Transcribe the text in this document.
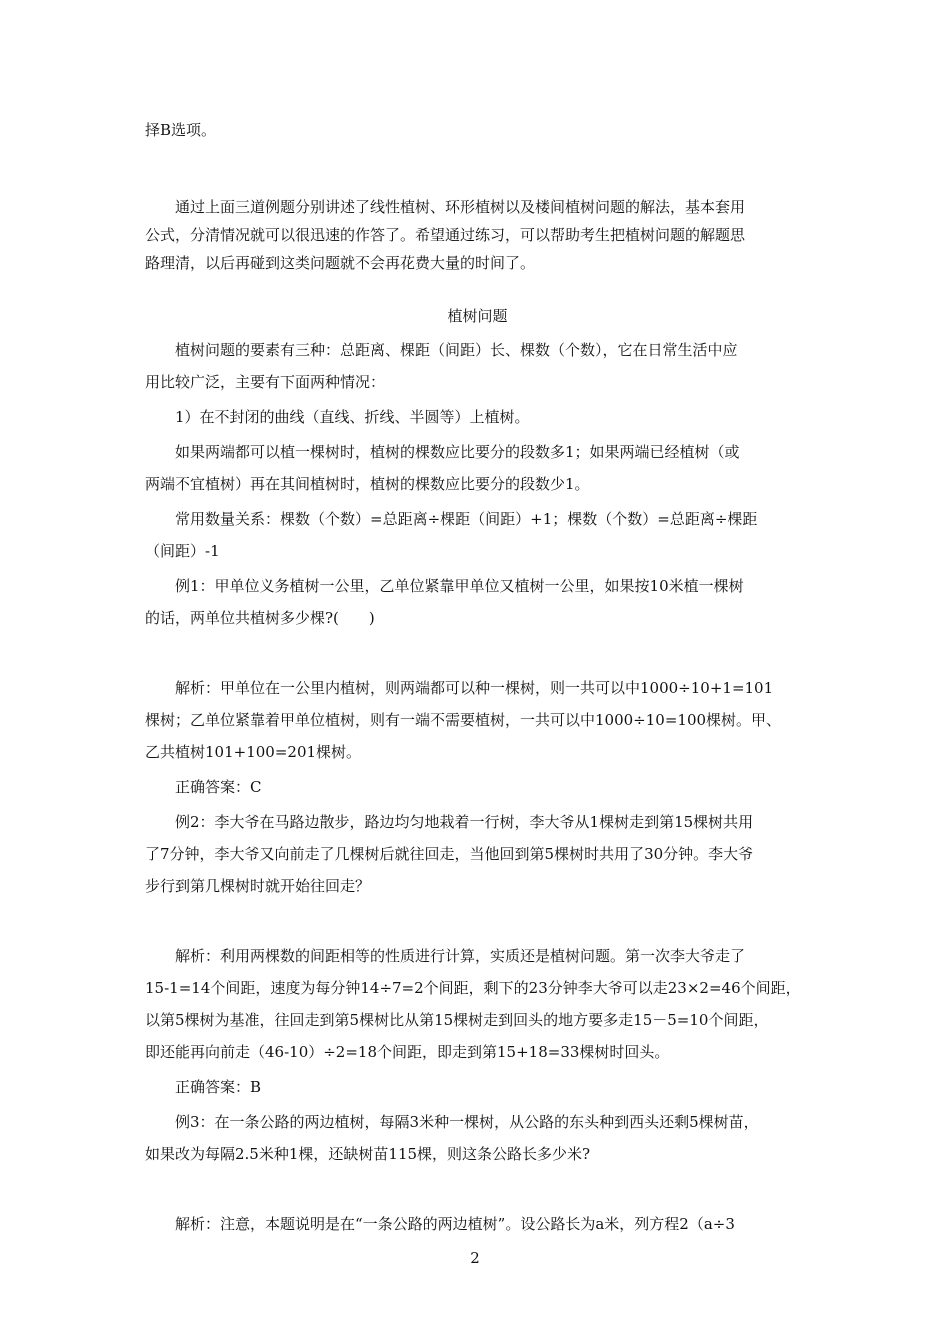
择B选项。
通过上面三道例题分别讲述了线性植树、环形植树以及楼间植树问题的解法，基本套用
公式，分清情况就可以很迅速的作答了。希望通过练习，可以帮助考生把植树问题的解题思
路理清，以后再碰到这类问题就不会再花费大量的时间了。
植树问题
植树问题的要素有三种：总距离、棵距（间距）长、棵数（个数），它在日常生活中应
用比较广泛，主要有下面两种情况：
1）在不封闭的曲线（直线、折线、半圆等）上植树。
如果两端都可以植一棵树时，植树的棵数应比要分的段数多1；如果两端已经植树（或
两端不宜植树）再在其间植树时，植树的棵数应比要分的段数少1。
常用数量关系：棵数（个数）=总距离÷棵距（间距）+1；棵数（个数）=总距离÷棵距
（间距）-1
例1：甲单位义务植树一公里，乙单位紧靠甲单位又植树一公里，如果按10米植一棵树
的话，两单位共植树多少棵?(　　)
解析：甲单位在一公里内植树，则两端都可以种一棵树，则一共可以中1000÷10+1=101
棵树；乙单位紧靠着甲单位植树，则有一端不需要植树，一共可以中1000÷10=100棵树。甲、
乙共植树101+100=201棵树。
正确答案：C
例2：李大爷在马路边散步，路边均匀地栽着一行树，李大爷从1棵树走到第15棵树共用
了7分钟，李大爷又向前走了几棵树后就往回走，当他回到第5棵树时共用了30分钟。李大爷
步行到第几棵树时就开始往回走？
解析：利用两棵数的间距相等的性质进行计算，实质还是植树问题。第一次李大爷走了
15-1=14个间距，速度为每分钟14÷7=2个间距，剩下的23分钟李大爷可以走23×2=46个间距，
以第5棵树为基准，往回走到第5棵树比从第15棵树走到回头的地方要多走15－5=10个间距，
即还能再向前走（46-10）÷2=18个间距，即走到第15+18=33棵树时回头。
正确答案：B
例3：在一条公路的两边植树，每隔3米种一棵树，从公路的东头种到西头还剩5棵树苗，
如果改为每隔2.5米种1棵，还缺树苗115棵，则这条公路长多少米?
解析：注意，本题说明是在“一条公路的两边植树”。设公路长为a米，列方程2（a÷3
2
